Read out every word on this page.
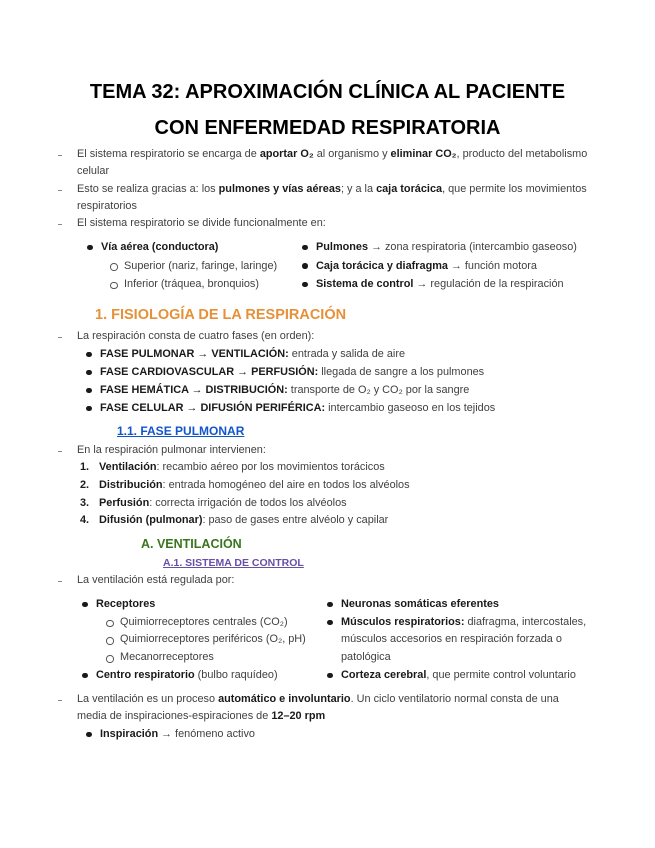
TEMA 32: APROXIMACIÓN CLÍNICA AL PACIENTE
CON ENFERMEDAD RESPIRATORIA

El sistema respiratorio se encarga de aportar O₂ al organismo y eliminar CO₂, producto del metabolismo celular

Esto se realiza gracias a: los pulmones y vías aéreas; y a la caja torácica, que permite los movimientos respiratorios

El sistema respiratorio se divide funcionalmente en:

Vía aérea (conductora)
Superior (nariz, faringe, laringe)
Inferior (tráquea, bronquios)
Pulmones → zona respiratoria (intercambio gaseoso)
Caja torácica y diafragma → función motora
Sistema de control → regulación de la respiración
1. FISIOLOGÍA DE LA RESPIRACIÓN

La respiración consta de cuatro fases (en orden):

FASE PULMONAR → VENTILACIÓN: entrada y salida de aire
FASE CARDIOVASCULAR → PERFUSIÓN: llegada de sangre a los pulmones
FASE HEMÁTICA → DISTRIBUCIÓN: transporte de O₂ y CO₂ por la sangre
FASE CELULAR → DIFUSIÓN PERIFÉRICA: intercambio gaseoso en los tejidos
1.1. FASE PULMONAR

En la respiración pulmonar intervienen:

1. Ventilación: recambio aéreo por los movimientos torácicos
2. Distribución: entrada homogéneo del aire en todos los alvéolos
3. Perfusión: correcta irrigación de todos los alvéolos
4. Difusión (pulmonar): paso de gases entre alvéolo y capilar
A. VENTILACIÓN
A.1. SISTEMA DE CONTROL

La ventilación está regulada por:

Receptores
Quimiorreceptores centrales (CO₂)
Quimiorreceptores periféricos (O₂, pH)
Mecanorreceptores
Centro respiratorio (bulbo raquídeo)
Neuronas somáticas eferentes
Músculos respiratorios: diafragma, intercostales, músculos accesorios en respiración forzada o patológica
Corteza cerebral, que permite control voluntario

La ventilación es un proceso automático e involuntario. Un ciclo ventilatorio normal consta de una media de inspiraciones-espiraciones de 12–20 rpm

Inspiración → fenómeno activo
